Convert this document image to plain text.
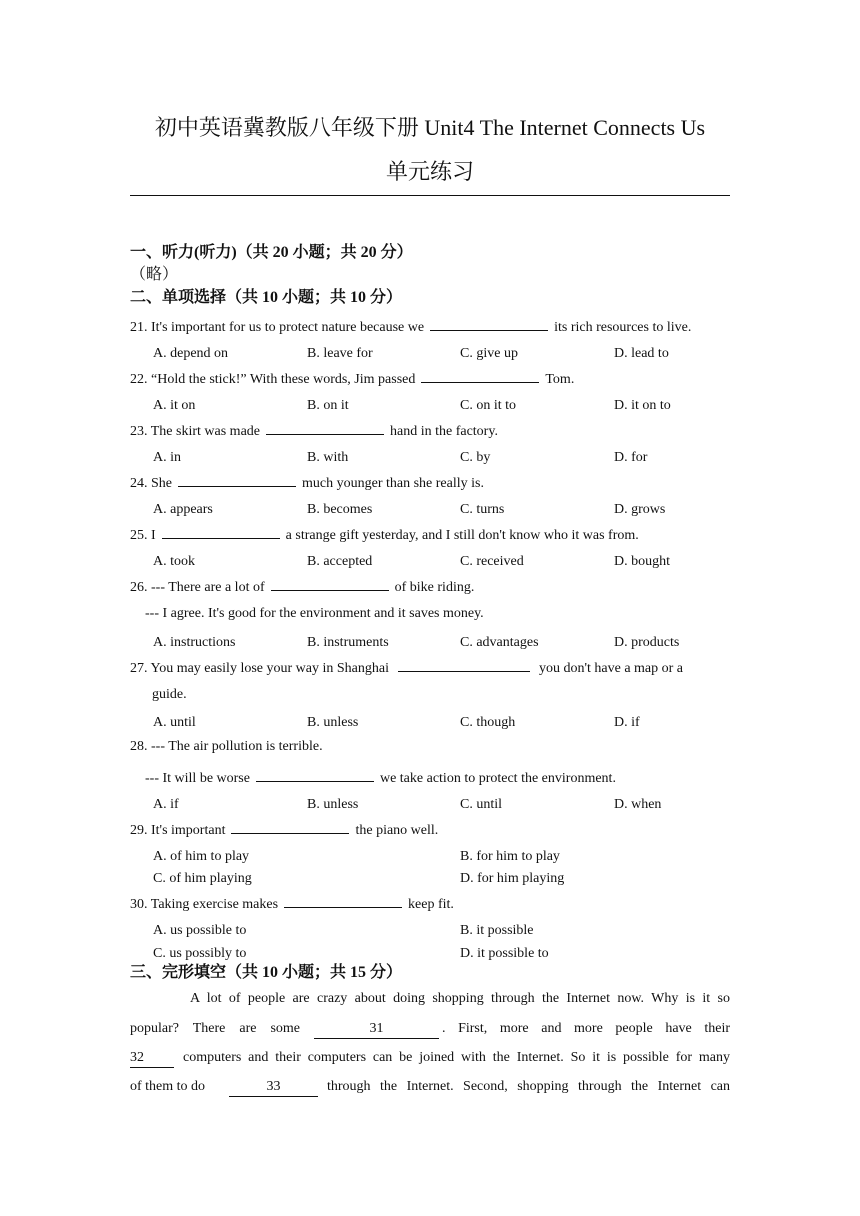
初中英语冀教版八年级下册 Unit4 The Internet Connects Us
单元练习
一、听力(听力)（共 20 小题；共 20 分）
（略）
二、单项选择（共 10 小题；共 10 分）
21. It's important for us to protect nature because we	its rich resources to live.
A. depend on	B. leave for	C. give up	D. lead to
22. “Hold the stick!” With these words, Jim passed	Tom.
A. it on	B. on it	C. on it to	D. it on to
23. The skirt was made	hand in the factory.
A. in	B. with	C. by	D. for
24. She	much younger than she really is.
A. appears	B. becomes	C. turns	D. grows
25. I	a strange gift yesterday, and I still don't know who it was from.
A. took	B. accepted	C. received	D. bought
26. --- There are a lot of	of bike riding.
--- I agree. It's good for the environment and it saves money.
A. instructions	B. instruments	C. advantages	D. products
27. You may easily lose your way in Shanghai	you don't have a map or a
guide.
A. until	B. unless	C. though	D. if
28. --- The air pollution is terrible.
--- It will be worse	we take action to protect the environment.
A. if	B. unless	C. until	D. when
29. It's important	the piano well.
A. of him to play	B. for him to play
C. of him playing	D. for him playing
30. Taking exercise makes	keep fit.
A. us possible to	B. it possible
C. us possibly to	D. it possible to
三、完形填空（共 10 小题；共 15 分）
A lot of people are crazy about doing shopping through the Internet now. Why is it so
popular? There are some	31	. First, more and more people have their
32	computers and their computers can be joined with the Internet. So it is possible for many
of them to do	33	through the Internet. Second, shopping through the Internet can
